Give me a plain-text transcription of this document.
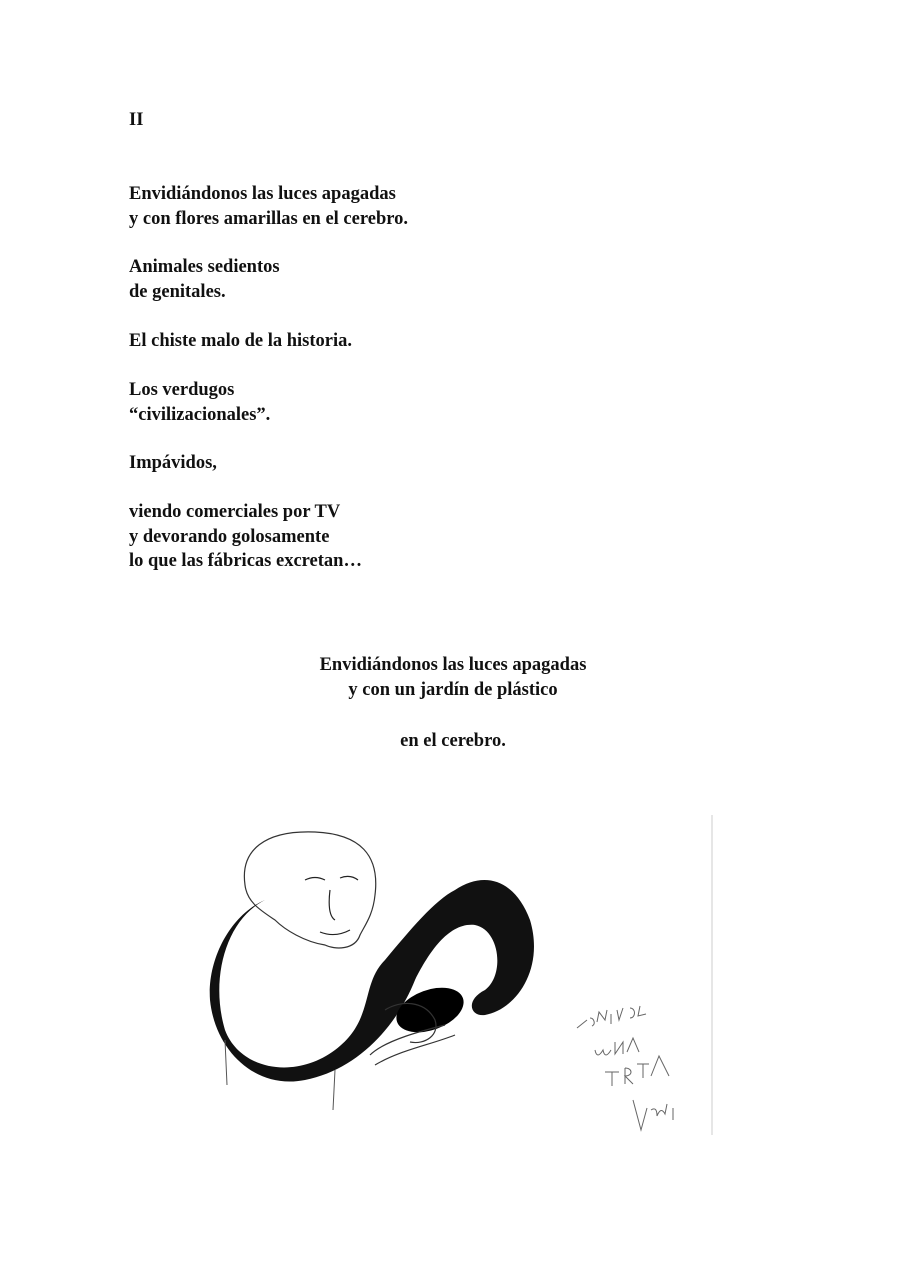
II
Envidiándonos las luces apagadas
y con flores amarillas en el cerebro.
Animales sedientos
de genitales.
El chiste malo de la historia.
Los verdugos
“civilizacionales”.
Impávidos,
viendo comerciales por TV
y devorando golosamente
lo que las fábricas excretan…
Envidiándonos las luces apagadas
y con un jardín de plástico
en el cerebro.
